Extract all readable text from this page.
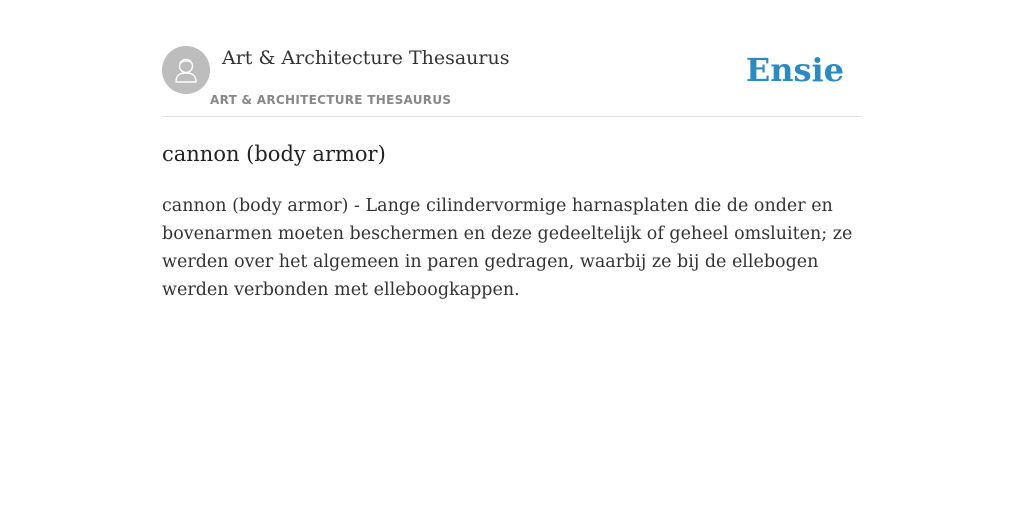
Art & Architecture Thesaurus
ART & ARCHITECTURE THESAURUS
Ensie
cannon (body armor)

cannon (body armor) - Lange cilindervormige harnasplaten die de onder en bovenarmen moeten beschermen en deze gedeeltelijk of geheel omsluiten; ze werden over het algemeen in paren gedragen, waarbij ze bij de ellebogen werden verbonden met elleboogkappen.
